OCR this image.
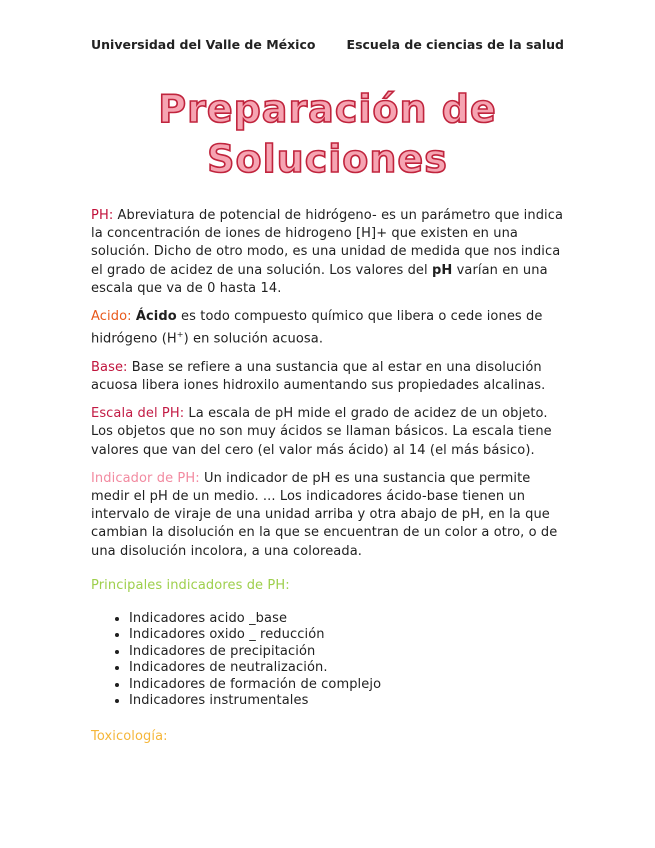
Universidad del Valle de México Escuela de ciencias de la salud
Preparación de
Soluciones

PH: Abreviatura de potencial de hidrógeno- es un parámetro que indica la concentración de iones de hidrogeno [H]+ que existen en una solución. Dicho de otro modo, es una unidad de medida que nos indica el grado de acidez de una solución. Los valores del pH varían en una escala que va de 0 hasta 14.

Acido: Ácido es todo compuesto químico que libera o cede iones de hidrógeno (H+) en solución acuosa.

Base: Base se refiere a una sustancia que al estar en una disolución acuosa libera iones hidroxilo aumentando sus propiedades alcalinas.

Escala del PH: La escala de pH mide el grado de acidez de un objeto. Los objetos que no son muy ácidos se llaman básicos. La escala tiene valores que van del cero (el valor más ácido) al 14 (el más básico).

Indicador de PH: Un indicador de pH es una sustancia que permite medir el pH de un medio. ... Los indicadores ácido-base tienen un intervalo de viraje de una unidad arriba y otra abajo de pH, en la que cambian la disolución en la que se encuentran de un color a otro, o de una disolución incolora, a una coloreada.

Principales indicadores de PH:
• Indicadores acido _base
• Indicadores oxido _ reducción
• Indicadores de precipitación
• Indicadores de neutralización.
• Indicadores de formación de complejo
• Indicadores instrumentales
Toxicología:
